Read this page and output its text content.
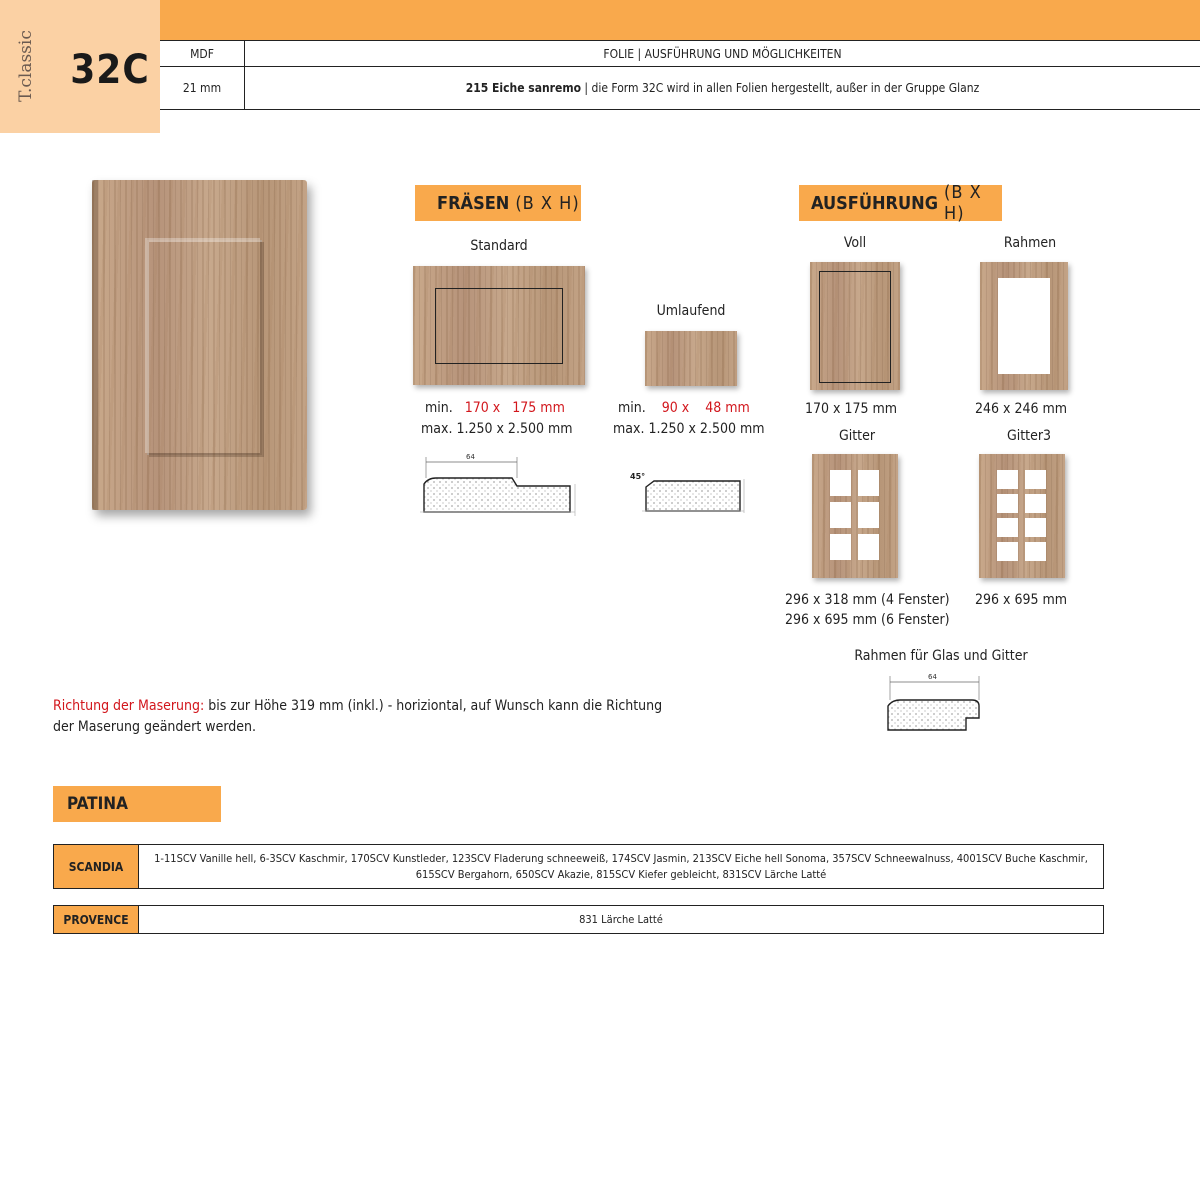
T.classic 32C	MDF	FOLIE | AUSFÜHRUNG UND MÖGLICHKEITEN
21 mm	215 Eiche sanremo | die Form 32C wird in allen Folien hergestellt, außer in der Gruppe Glanz
FRÄSEN (B X H)
Standard
min. 170 x 175 mm
max. 1.250 x 2.500 mm
64
Umlaufend
min. 90 x 48 mm
max. 1.250 x 2.500 mm
45°
AUSFÜHRUNG (B X H)
Voll
170 x 175 mm
Rahmen
246 x 246 mm
Gitter
296 x 318 mm (4 Fenster)
296 x 695 mm (6 Fenster)
Gitter3
296 x 695 mm
Rahmen für Glas und Gitter
64
Richtung der Maserung: bis zur Höhe 319 mm (inkl.) - horiziontal, auf Wunsch kann die Richtung
der Maserung geändert werden.
PATINA
SCANDIA
1-11SCV Vanille hell, 6-3SCV Kaschmir, 170SCV Kunstleder, 123SCV Fladerung schneeweiß, 174SCV Jasmin, 213SCV Eiche hell Sonoma, 357SCV Schneewalnuss, 4001SCV Buche Kaschmir,
615SCV Bergahorn, 650SCV Akazie, 815SCV Kiefer gebleicht, 831SCV Lärche Latté
PROVENCE	831 Lärche Latté
